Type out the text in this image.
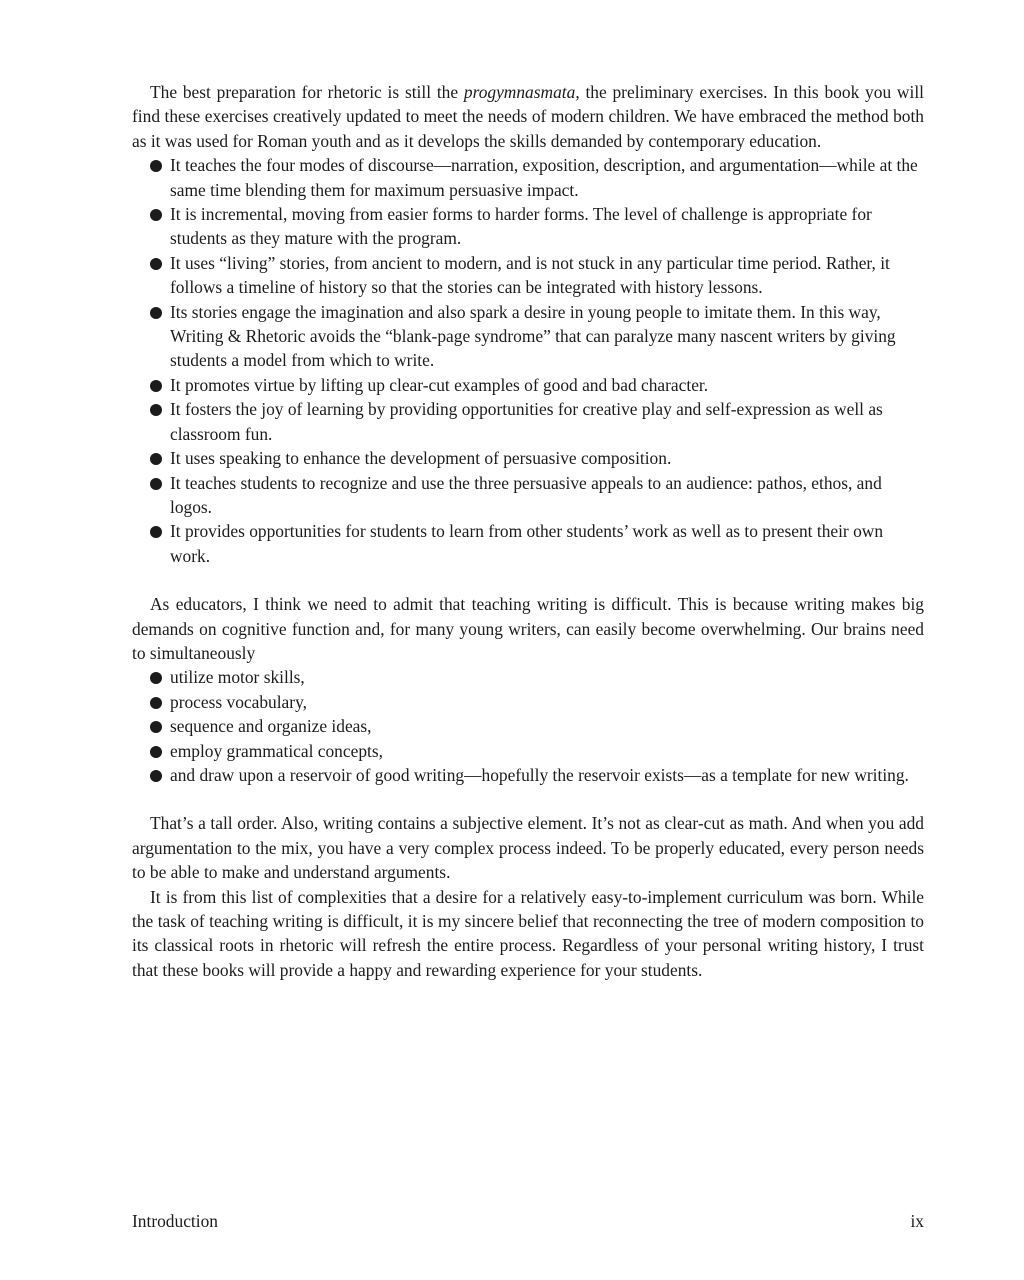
The best preparation for rhetoric is still the progymnasmata, the preliminary exercises. In this book you will find these exercises creatively updated to meet the needs of modern children. We have embraced the method both as it was used for Roman youth and as it develops the skills demanded by contemporary education.

It teaches the four modes of discourse—narration, exposition, description, and argumentation—while at the same time blending them for maximum persuasive impact.
It is incremental, moving from easier forms to harder forms. The level of challenge is appropriate for students as they mature with the program.
It uses “living” stories, from ancient to modern, and is not stuck in any particular time period. Rather, it follows a timeline of history so that the stories can be integrated with history lessons.
Its stories engage the imagination and also spark a desire in young people to imitate them. In this way, Writing & Rhetoric avoids the “blank-page syndrome” that can paralyze many nascent writers by giving students a model from which to write.
It promotes virtue by lifting up clear-cut examples of good and bad character.
It fosters the joy of learning by providing opportunities for creative play and self-expression as well as classroom fun.
It uses speaking to enhance the development of persuasive composition.
It teaches students to recognize and use the three persuasive appeals to an audience: pathos, ethos, and logos.
It provides opportunities for students to learn from other students’ work as well as to present their own work.

As educators, I think we need to admit that teaching writing is difficult. This is because writing makes big demands on cognitive function and, for many young writers, can easily become overwhelming. Our brains need to simultaneously

utilize motor skills,
process vocabulary,
sequence and organize ideas,
employ grammatical concepts,
and draw upon a reservoir of good writing—hopefully the reservoir exists—as a template for new writing.

That’s a tall order. Also, writing contains a subjective element. It’s not as clear-cut as math. And when you add argumentation to the mix, you have a very complex process indeed. To be properly educated, every person needs to be able to make and understand arguments.

It is from this list of complexities that a desire for a relatively easy-to-implement curriculum was born. While the task of teaching writing is difficult, it is my sincere belief that reconnecting the tree of modern composition to its classical roots in rhetoric will refresh the entire process. Regardless of your personal writing history, I trust that these books will provide a happy and rewarding experience for your students.

Introduction	ix
